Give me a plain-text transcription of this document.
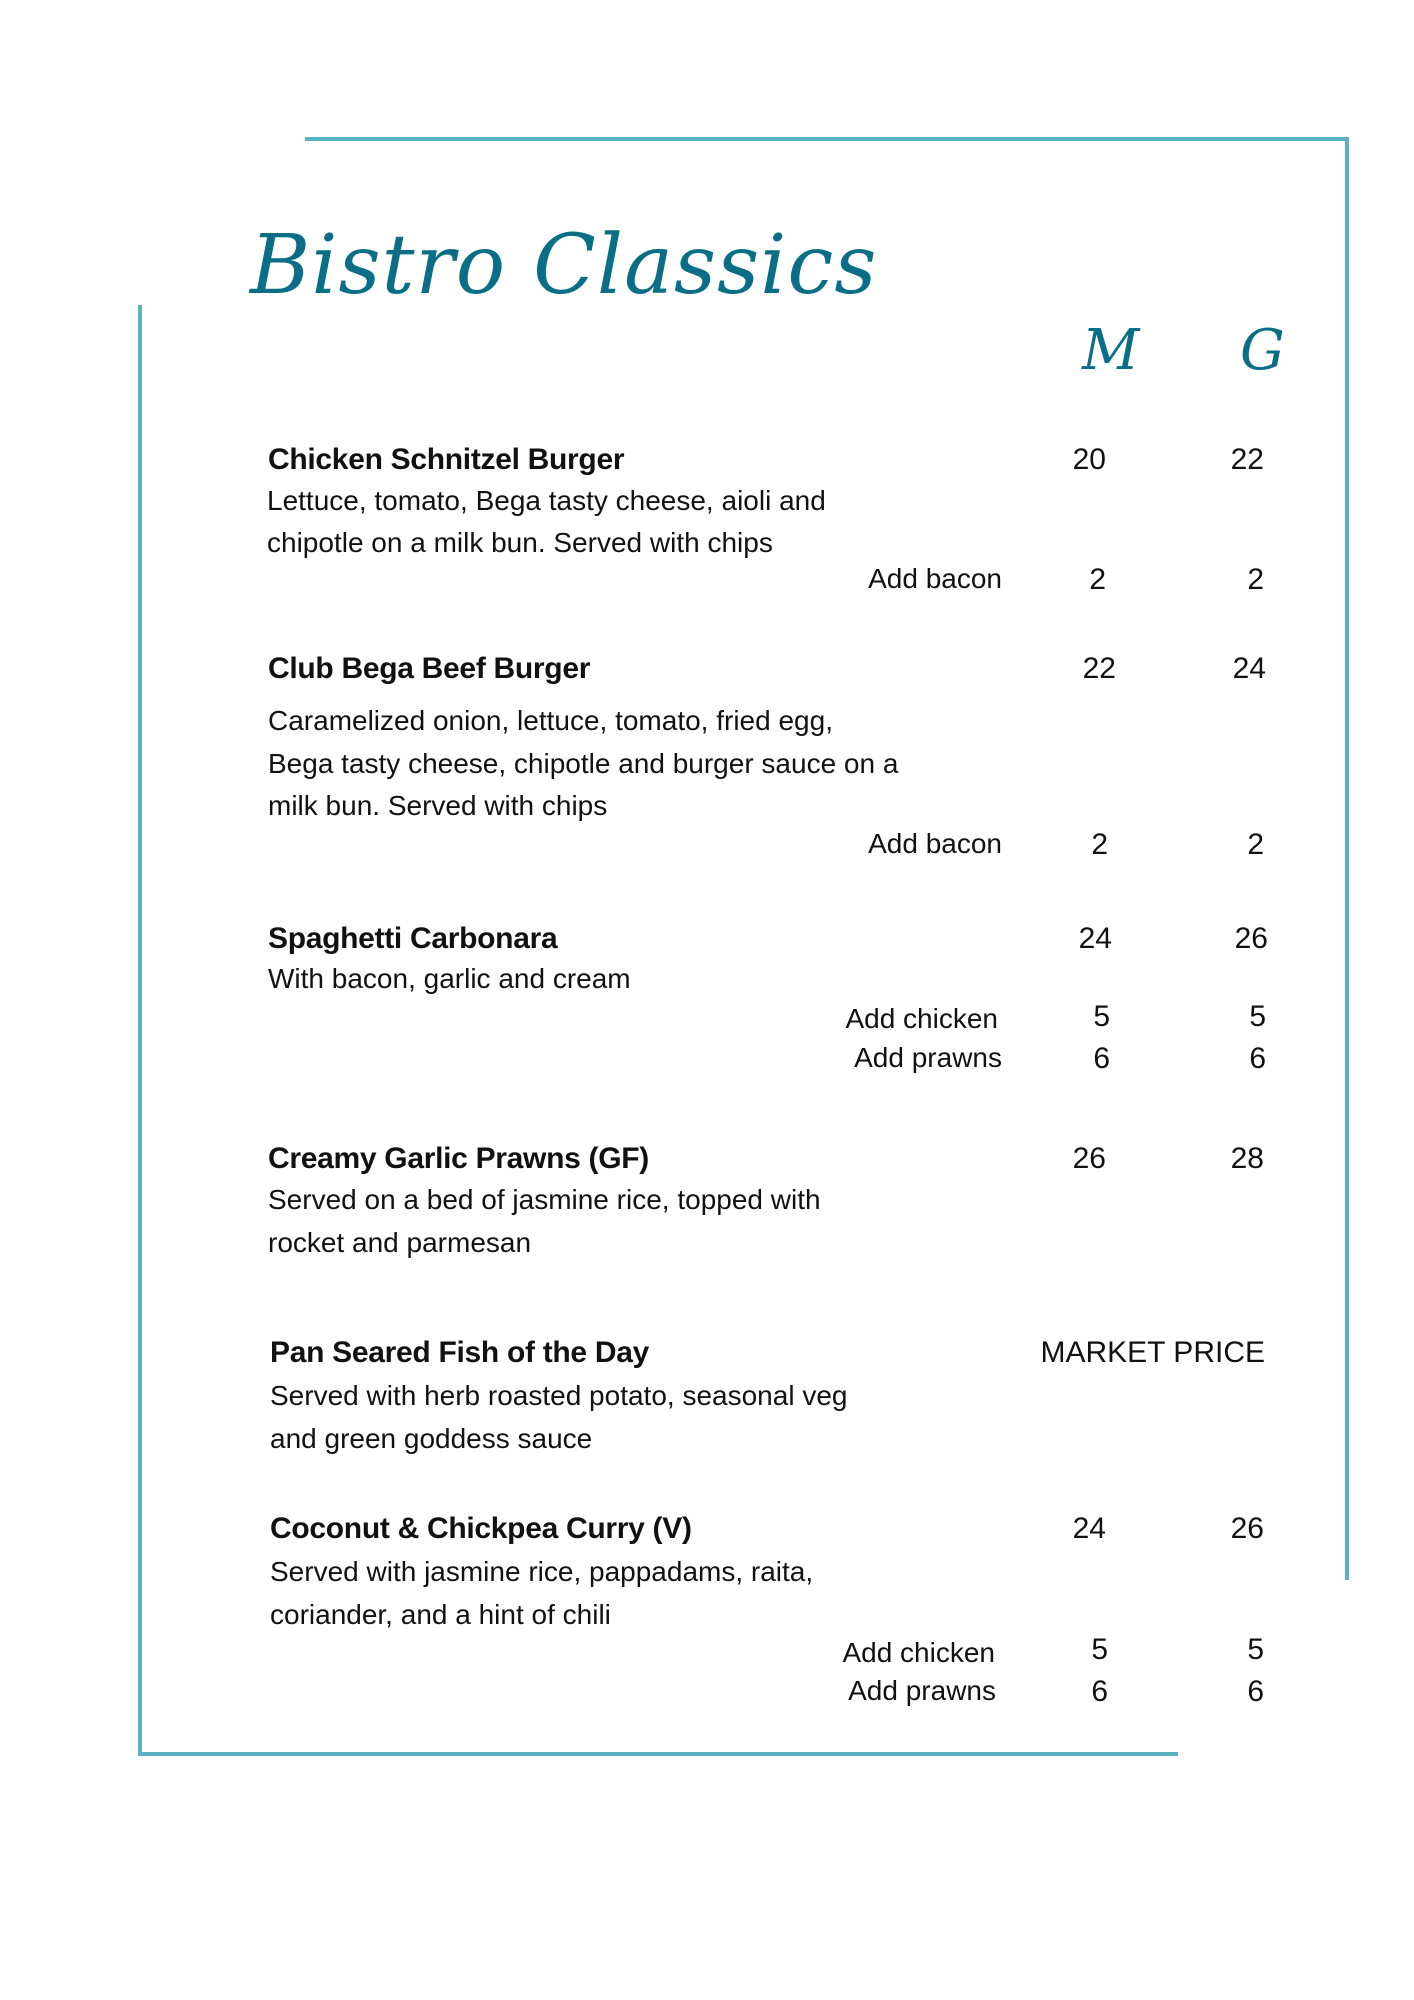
Bistro Classics
M G
Chicken Schnitzel Burger	20	22
Lettuce, tomato, Bega tasty cheese, aioli and
chipotle on a milk bun. Served with chips
Add bacon	2	2
Club Bega Beef Burger	22	24
Caramelized onion, lettuce, tomato, fried egg,
Bega tasty cheese, chipotle and burger sauce on a
milk bun. Served with chips
Add bacon	2	2
Spaghetti Carbonara	24	26
With bacon, garlic and cream
Add chicken	5	5
Add prawns	6	6
Creamy Garlic Prawns (GF)	26	28
Served on a bed of jasmine rice, topped with
rocket and parmesan
Pan Seared Fish of the Day	MARKET PRICE
Served with herb roasted potato, seasonal veg
and green goddess sauce
Coconut & Chickpea Curry (V)	24	26
Served with jasmine rice, pappadams, raita,
coriander, and a hint of chili
Add chicken	5	5
Add prawns	6	6
